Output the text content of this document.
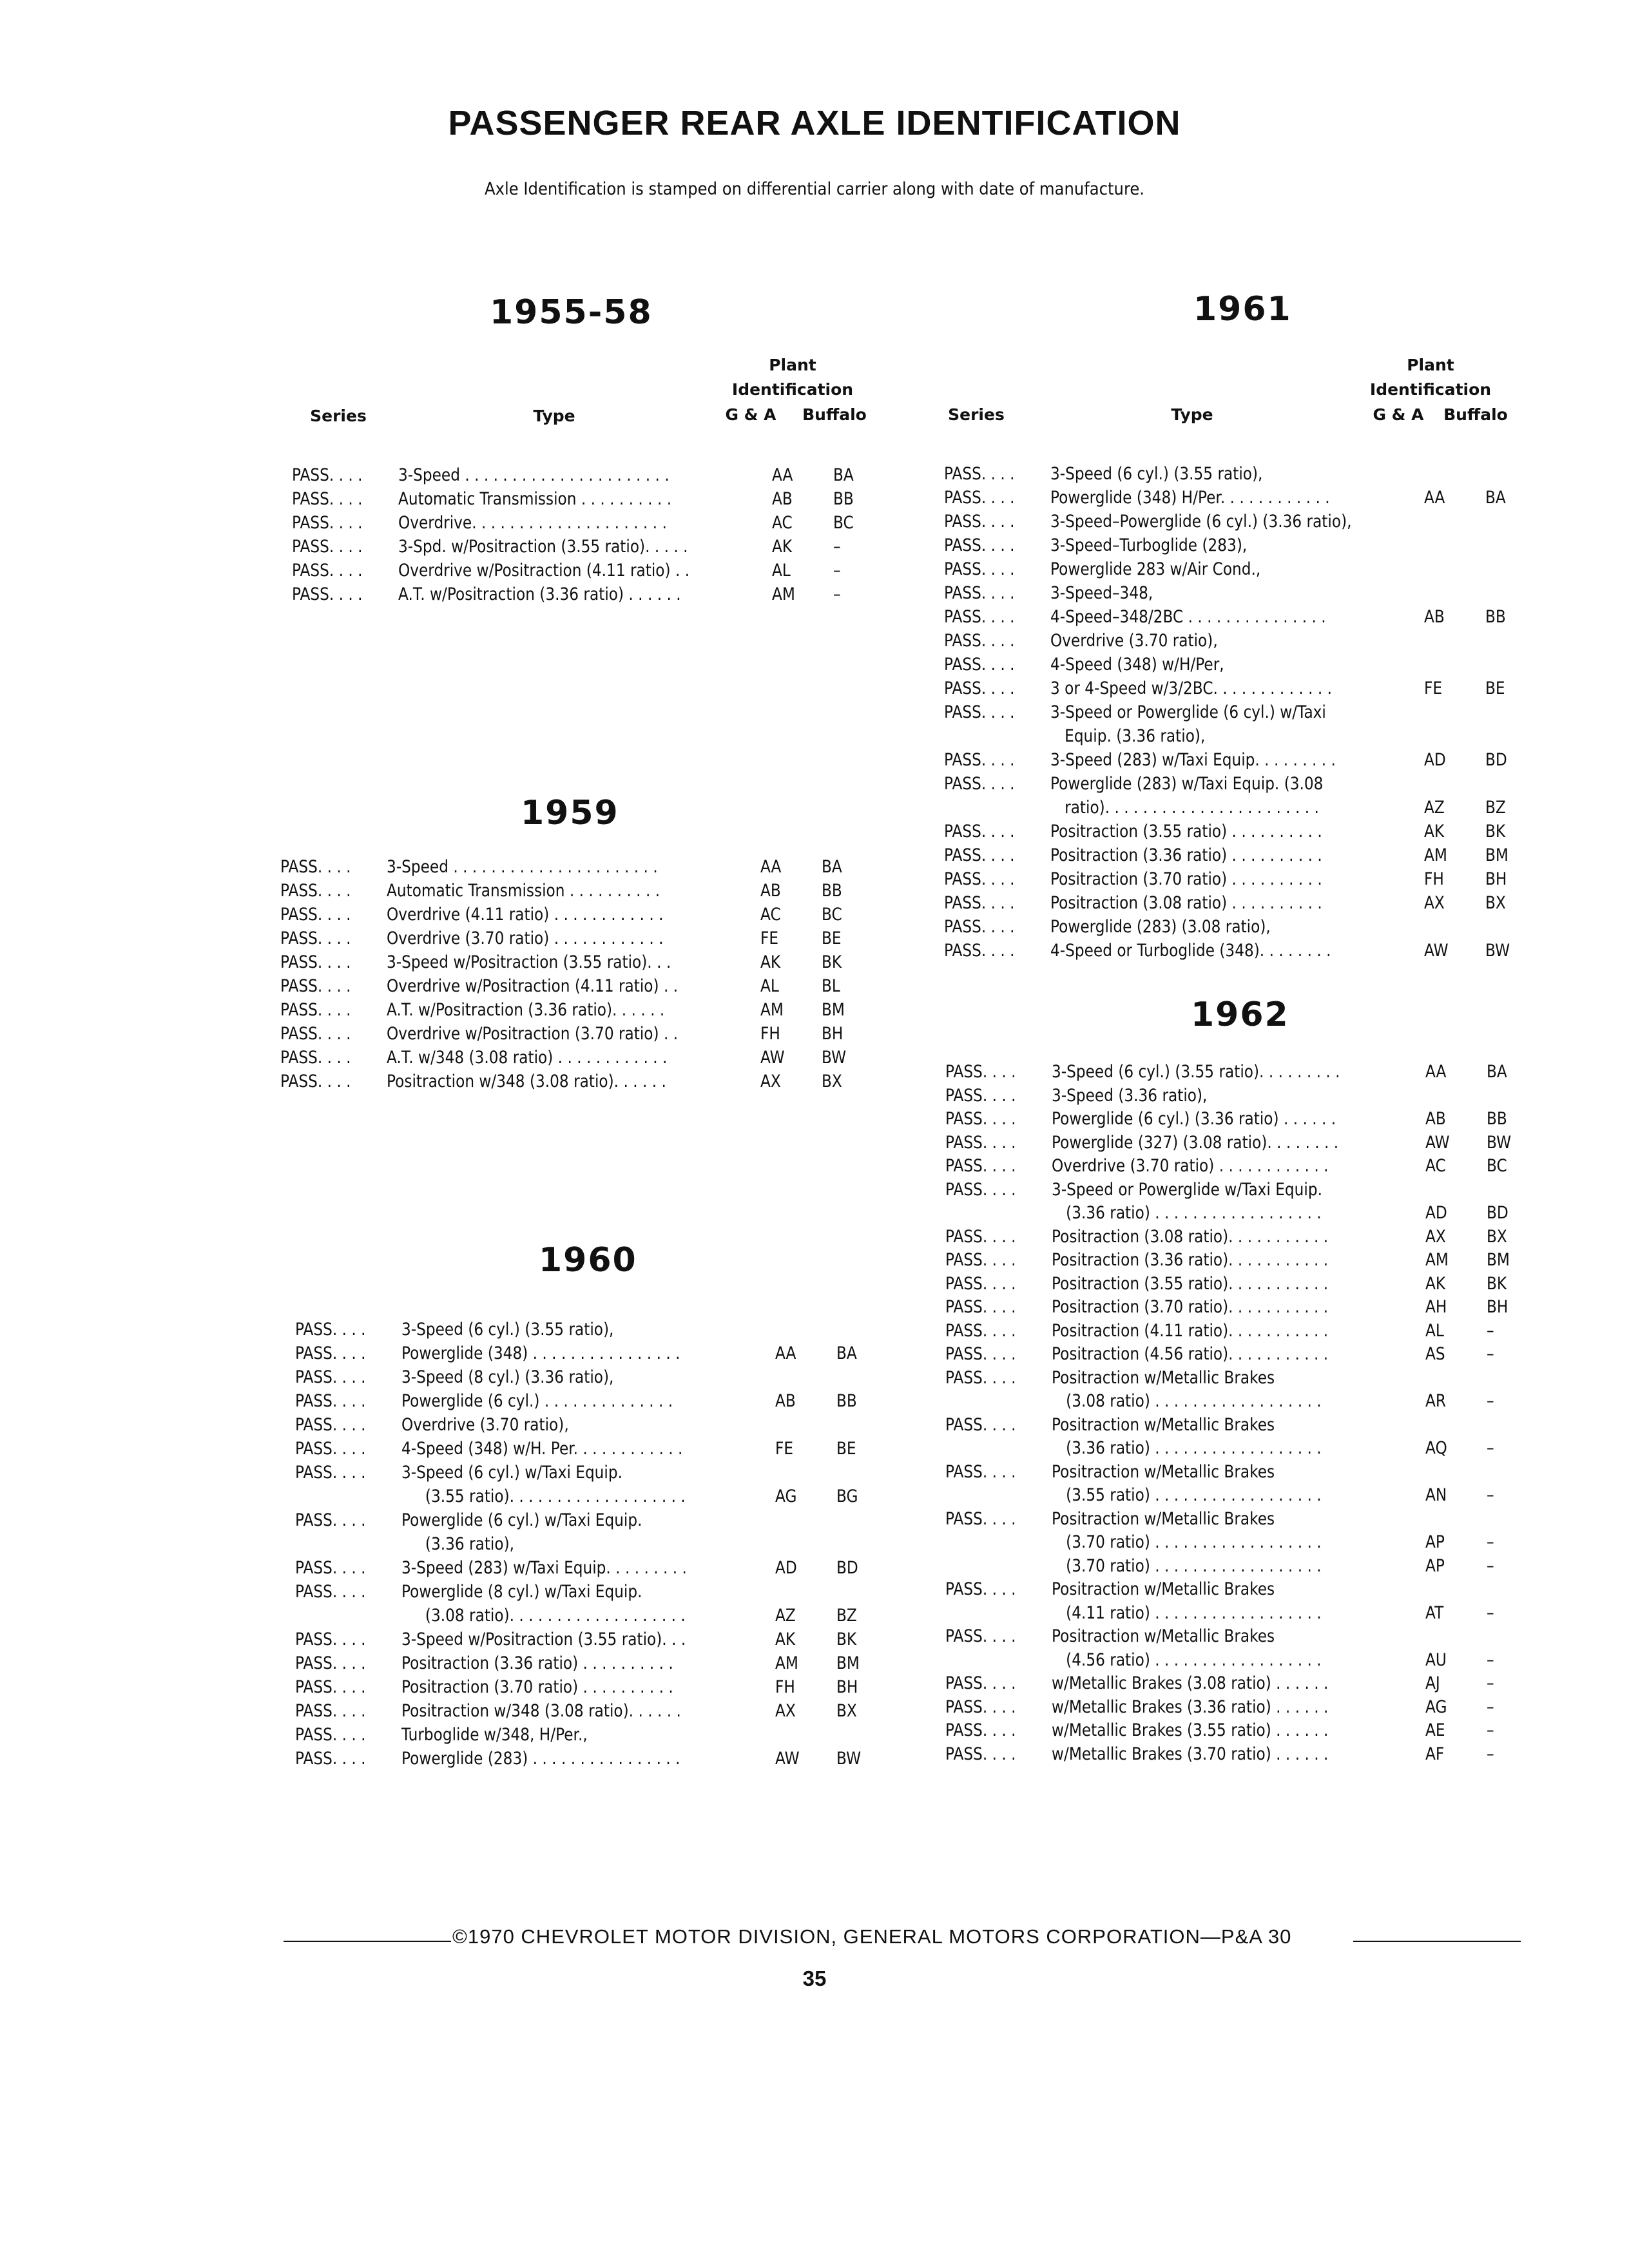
PASSENGER REAR AXLE IDENTIFICATION
Axle Identification is stamped on differential carrier along with date of manufacture.
1955-58	1961
1959
1960
1962
Plant
Identification
G & A	Buffalo
Series	Type
Plant
Identification
G & A	Buffalo
Series	Type
PASS. . . . 3-Speed . . . . . . . . . . . . . . . . . . . . . .	AA BA
PASS. . . . Automatic Transmission . . . . . . . . . .	AB BB
PASS. . . . Overdrive. . . . . . . . . . . . . . . . . . . . .	AC BC
PASS. . . . 3-Spd. w/Positraction (3.55 ratio). . . . .	AK –
PASS. . . . Overdrive w/Positraction (4.11 ratio) . .	AL –
PASS. . . . A.T. w/Positraction (3.36 ratio) . . . . . .	AM –
PASS. . . . 3-Speed . . . . . . . . . . . . . . . . . . . . . .	AA BA
PASS. . . . Automatic Transmission . . . . . . . . . .	AB BB
PASS. . . . Overdrive (4.11 ratio) . . . . . . . . . . . .	AC BC
PASS. . . . Overdrive (3.70 ratio) . . . . . . . . . . . .	FE BE
PASS. . . . 3-Speed w/Positraction (3.55 ratio). . .	AK BK
PASS. . . . Overdrive w/Positraction (4.11 ratio) . .	AL BL
PASS. . . . A.T. w/Positraction (3.36 ratio). . . . . .	AM BM
PASS. . . . Overdrive w/Positraction (3.70 ratio) . .	FH BH
PASS. . . . A.T. w/348 (3.08 ratio) . . . . . . . . . . . .	AW BW
PASS. . . . Positraction w/348 (3.08 ratio). . . . . .	AX BX
PASS. . . . 3-Speed (6 cyl.) (3.55 ratio),
PASS. . . . Powerglide (348) . . . . . . . . . . . . . . . .	AA BA
PASS. . . . 3-Speed (8 cyl.) (3.36 ratio),
PASS. . . . Powerglide (6 cyl.) . . . . . . . . . . . . . .	AB BB
PASS. . . . Overdrive (3.70 ratio),
PASS. . . . 4-Speed (348) w/H. Per. . . . . . . . . . . .	FE BE
PASS. . . . 3-Speed (6 cyl.) w/Taxi Equip.
(3.55 ratio). . . . . . . . . . . . . . . . . . .	AG BG
PASS. . . . Powerglide (6 cyl.) w/Taxi Equip.
(3.36 ratio),
PASS. . . . 3-Speed (283) w/Taxi Equip. . . . . . . . .	AD BD
PASS. . . . Powerglide (8 cyl.) w/Taxi Equip.
(3.08 ratio). . . . . . . . . . . . . . . . . . .	AZ BZ
PASS. . . . 3-Speed w/Positraction (3.55 ratio). . .	AK BK
PASS. . . . Positraction (3.36 ratio) . . . . . . . . . .	AM BM
PASS. . . . Positraction (3.70 ratio) . . . . . . . . . .	FH BH
PASS. . . . Positraction w/348 (3.08 ratio). . . . . .	AX BX
PASS. . . . Turboglide w/348, H/Per.,
PASS. . . . Powerglide (283) . . . . . . . . . . . . . . . .	AW BW
PASS. . . . 3-Speed (6 cyl.) (3.55 ratio),
PASS. . . . Powerglide (348) H/Per. . . . . . . . . . . .	AA BA
PASS. . . . 3-Speed–Powerglide (6 cyl.) (3.36 ratio),
PASS. . . . 3-Speed–Turboglide (283),
PASS. . . . Powerglide 283 w/Air Cond.,
PASS. . . . 3-Speed–348,
PASS. . . . 4-Speed–348/2BC . . . . . . . . . . . . . . .	AB BB
PASS. . . . Overdrive (3.70 ratio),
PASS. . . . 4-Speed (348) w/H/Per,
PASS. . . . 3 or 4-Speed w/3/2BC. . . . . . . . . . . . .	FE BE
PASS. . . . 3-Speed or Powerglide (6 cyl.) w/Taxi
Equip. (3.36 ratio),
PASS. . . . 3-Speed (283) w/Taxi Equip. . . . . . . . .	AD BD
PASS. . . . Powerglide (283) w/Taxi Equip. (3.08
ratio). . . . . . . . . . . . . . . . . . . . . . .	AZ BZ
PASS. . . . Positraction (3.55 ratio) . . . . . . . . . .	AK BK
PASS. . . . Positraction (3.36 ratio) . . . . . . . . . .	AM BM
PASS. . . . Positraction (3.70 ratio) . . . . . . . . . .	FH BH
PASS. . . . Positraction (3.08 ratio) . . . . . . . . . .	AX BX
PASS. . . . Powerglide (283) (3.08 ratio),
PASS. . . . 4-Speed or Turboglide (348). . . . . . . .	AW BW
PASS. . . . 3-Speed (6 cyl.) (3.55 ratio). . . . . . . . .	AA BA
PASS. . . . 3-Speed (3.36 ratio),
PASS. . . . Powerglide (6 cyl.) (3.36 ratio) . . . . . .	AB BB
PASS. . . . Powerglide (327) (3.08 ratio). . . . . . . .	AW BW
PASS. . . . Overdrive (3.70 ratio) . . . . . . . . . . . .	AC BC
PASS. . . . 3-Speed or Powerglide w/Taxi Equip.
(3.36 ratio) . . . . . . . . . . . . . . . . . .	AD BD
PASS. . . . Positraction (3.08 ratio). . . . . . . . . . .	AX BX
PASS. . . . Positraction (3.36 ratio). . . . . . . . . . .	AM BM
PASS. . . . Positraction (3.55 ratio). . . . . . . . . . .	AK BK
PASS. . . . Positraction (3.70 ratio). . . . . . . . . . .	AH BH
PASS. . . . Positraction (4.11 ratio). . . . . . . . . . .	AL –
PASS. . . . Positraction (4.56 ratio). . . . . . . . . . .	AS –
PASS. . . . Positraction w/Metallic Brakes
(3.08 ratio) . . . . . . . . . . . . . . . . . .	AR –
PASS. . . . Positraction w/Metallic Brakes
(3.36 ratio) . . . . . . . . . . . . . . . . . .	AQ –
PASS. . . . Positraction w/Metallic Brakes
(3.55 ratio) . . . . . . . . . . . . . . . . . .	AN –
PASS. . . . Positraction w/Metallic Brakes
(3.70 ratio) . . . . . . . . . . . . . . . . . .	AP –
(3.70 ratio) . . . . . . . . . . . . . . . . . .	AP –
PASS. . . . Positraction w/Metallic Brakes
(4.11 ratio) . . . . . . . . . . . . . . . . . .	AT –
PASS. . . . Positraction w/Metallic Brakes
(4.56 ratio) . . . . . . . . . . . . . . . . . .	AU –
PASS. . . . w/Metallic Brakes (3.08 ratio) . . . . . .	AJ	–
PASS. . . . w/Metallic Brakes (3.36 ratio) . . . . . .	AG –
PASS. . . . w/Metallic Brakes (3.55 ratio) . . . . . .	AE –
PASS. . . . w/Metallic Brakes (3.70 ratio) . . . . . .	AF –
©1970 CHEVROLET MOTOR DIVISION, GENERAL MOTORS CORPORATION—P&A 30
35
